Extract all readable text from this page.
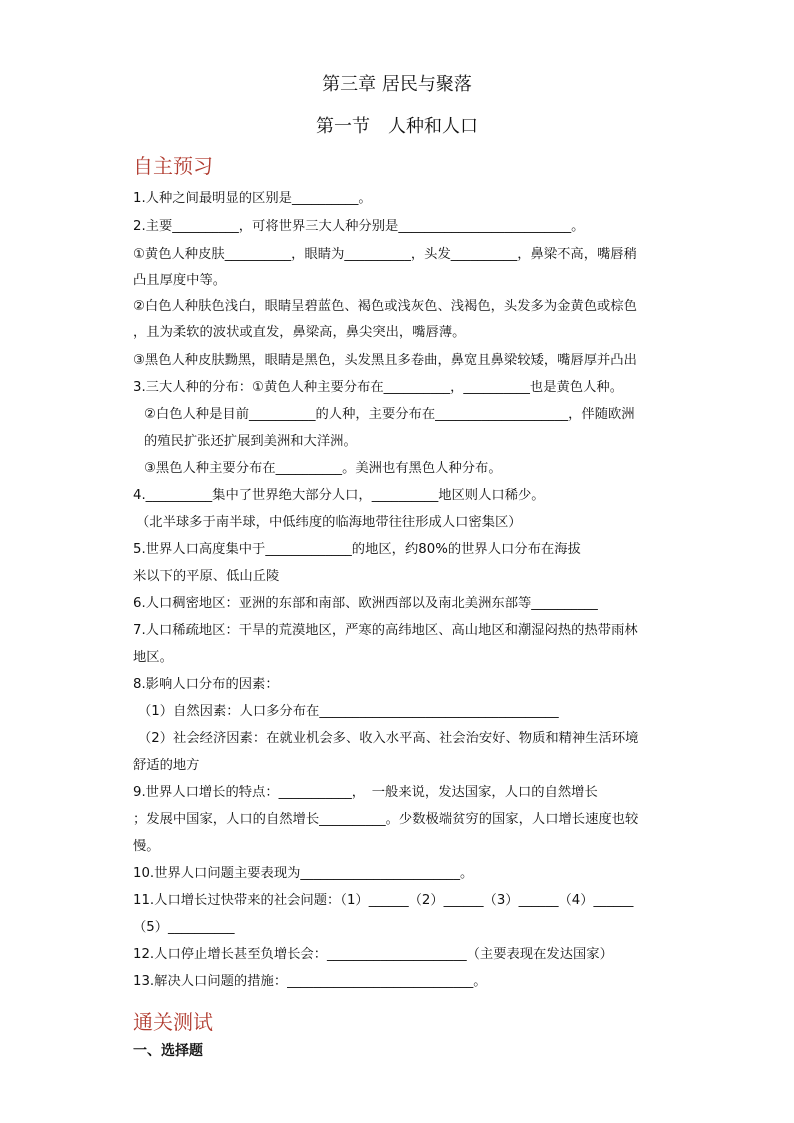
第三章 居民与聚落
第一节　人种和人口
自主预习
1.人种之间最明显的区别是__________。
2.主要__________，可将世界三大人种分别是__________________________。
①黄色人种皮肤__________，眼睛为__________，头发__________，鼻梁不高，嘴唇稍
凸且厚度中等。
②白色人种肤色浅白，眼睛呈碧蓝色、褐色或浅灰色、浅褐色，头发多为金黄色或棕色
，且为柔软的波状或直发，鼻梁高，鼻尖突出，嘴唇薄。
③黑色人种皮肤黝黑，眼睛是黑色，头发黑且多卷曲，鼻宽且鼻梁较矮，嘴唇厚并凸出
3.三大人种的分布：①黄色人种主要分布在__________，__________也是黄色人种。
②白色人种是目前__________的人种，主要分布在____________________，伴随欧洲
的殖民扩张还扩展到美洲和大洋洲。
③黑色人种主要分布在__________。美洲也有黑色人种分布。
4.__________集中了世界绝大部分人口，__________地区则人口稀少。
（北半球多于南半球，中低纬度的临海地带往往形成人口密集区）
5.世界人口高度集中于_____________的地区，约80%的世界人口分布在海拔
米以下的平原、低山丘陵
6.人口稠密地区：亚洲的东部和南部、欧洲西部以及南北美洲东部等__________
7.人口稀疏地区：干旱的荒漠地区，严寒的高纬地区、高山地区和潮湿闷热的热带雨林
地区。
8.影响人口分布的因素：
（1）自然因素：人口多分布在____________________________________
（2）社会经济因素：在就业机会多、收入水平高、社会治安好、物质和精神生活环境
舒适的地方
9.世界人口增长的特点：___________，　一般来说，发达国家，人口的自然增长
；发展中国家，人口的自然增长__________。少数极端贫穷的国家，人口增长速度也较
慢。
10.世界人口问题主要表现为________________________。
11.人口增长过快带来的社会问题：（1）______（2）______（3）______（4）______
（5）__________
12.人口停止增长甚至负增长会：_____________________（主要表现在发达国家）
13.解决人口问题的措施：____________________________。
通关测试
一、选择题
